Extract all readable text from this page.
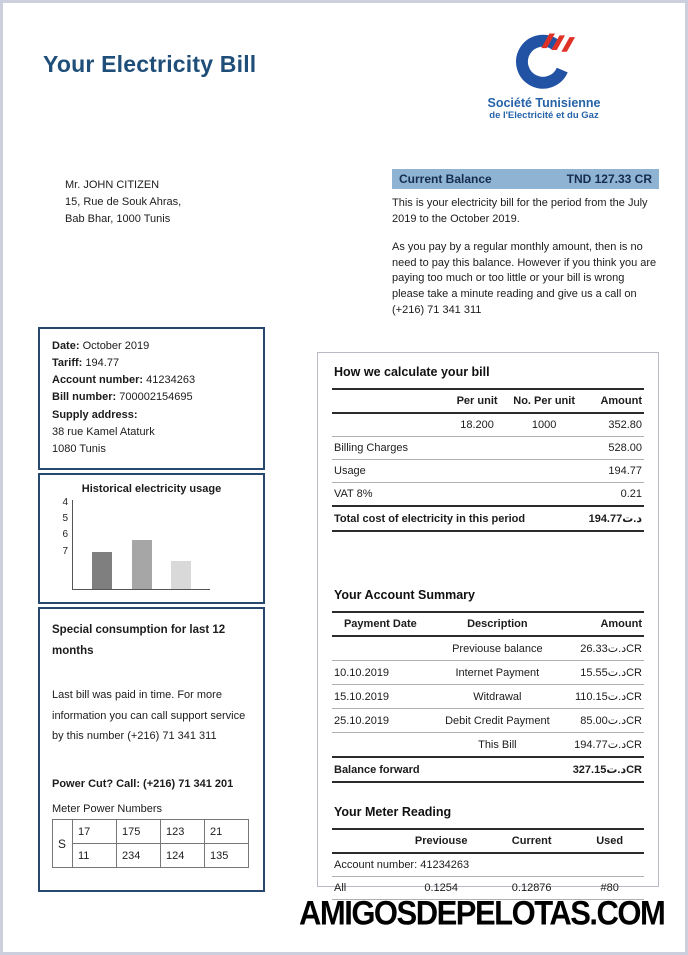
Your Electricity Bill
Société Tunisienne
de l'Electricité et du Gaz
Mr. JOHN CITIZEN
15, Rue de Souk Ahras,
Bab Bhar, 1000 Tunis
Current Balance	TND 127.33 CR

This is your electricity bill for the period from the July 2019 to the October 2019.

As you pay by a regular monthly amount, then is no need to pay this balance. However if you think you are paying too much or too little or your bill is wrong please take a minute reading and give us a call on (+216) 71 341 311

Date: October 2019
Tariff: 194.77
Account number: 41234263
Bill number: 700002154695
Supply address:
38 rue Kamel Ataturk
1080 Tunis
Historical electricity usage
4
5
6
7
Special consumption for last 12 months
Last bill was paid in time. For more information you can call support service by this number (+216) 71 341 311
Power Cut? Call: (+216) 71 341 201
Meter Power Numbers
S	17	175	123	21
	11	234	124	135
How we calculate your bill
	Per unit	No. Per unit	Amount
	18.200	1000	352.80
Billing Charges			528.00
Usage			194.77
VAT 8%			0.21
Total cost of electricity in this period			د.ت194.77
Your Account Summary
Payment Date	Description	Amount
	Previouse balance	د.ت26.33CR
10.10.2019	Internet Payment	د.ت15.55CR
15.10.2019	Witdrawal	د.ت110.15CR
25.10.2019	Debit Credit Payment	د.ت85.00CR
	This Bill	د.ت194.77CR
Balance forward		د.ت327.15CR
Your Meter Reading
	Previouse	Current	Used
Account number: 41234263			
All	0.1254	0.12876	#80
AMIGOSDEPELOTAS.COM
